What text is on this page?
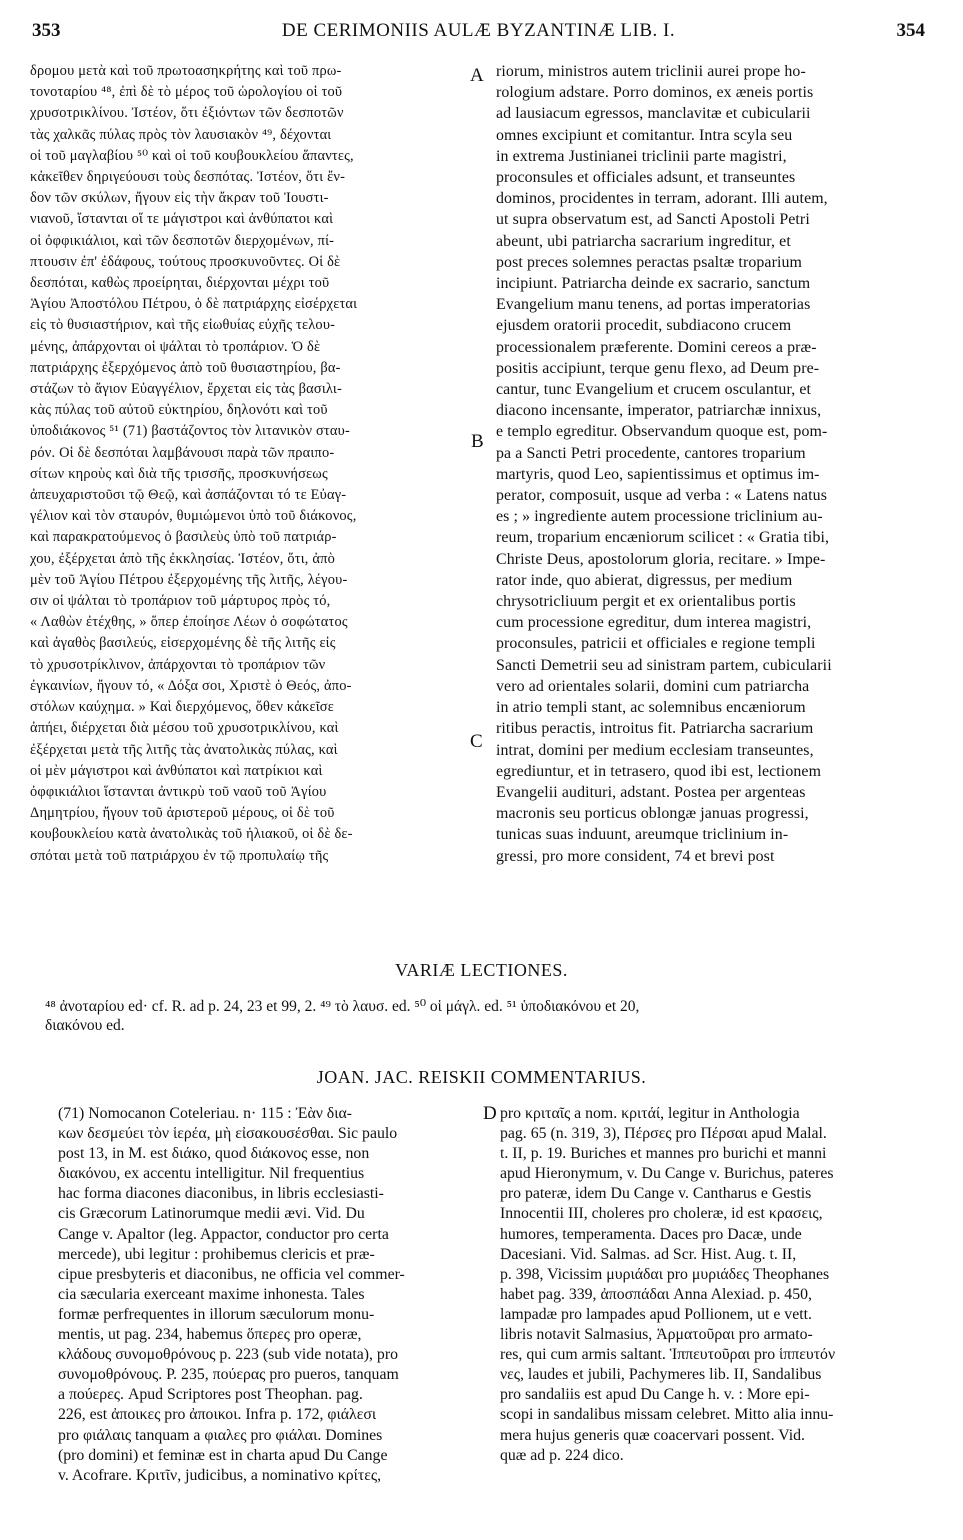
353	DE CERIMONIIS AULÆ BYZANTINÆ LIB. I.	354

δρομου μετὰ καὶ τοῦ πρωτοασηκρήτης καὶ τοῦ πρω-

τονοταρίου ⁴⁸, ἐπὶ δὲ τὸ μέρος τοῦ ὡρολογίου οἱ τοῦ

χρυσοτρικλίνου. Ἰστέον, ὅτι ἐξιόντων τῶν δεσποτῶν

τὰς χαλκᾶς πύλας πρὸς τὸν λαυσιακὸν ⁴⁹, δέχονται

οἱ τοῦ μαγλαβίου ⁵⁰ καὶ οἱ τοῦ κουβουκλείου ἅπαντες,

κἀκεῖθεν δηριγεύουσι τοὺς δεσπότας. Ἰστέον, ὅτι ἔν-

δον τῶν σκύλων, ἤγουν εἰς τὴν ἄκραν τοῦ Ἰουστι-

νιανοῦ, ἵστανται οἵ τε μάγιστροι καὶ ἀνθύπατοι καὶ

οἱ ὀφφικιάλιοι, καὶ τῶν δεσποτῶν διερχομένων, πί-

πτουσιν ἐπ' ἐδάφους, τούτους προσκυνοῦντες. Οἱ δὲ

δεσπόται, καθὼς προείρηται, διέρχονται μέχρι τοῦ

Ἁγίου Ἀποστόλου Πέτρου, ὁ δὲ πατριάρχης εἰσέρχεται

εἰς τὸ θυσιαστήριον, καὶ τῆς εἰωθυίας εὐχῆς τελου-

μένης, ἀπάρχονται οἱ ψάλται τὸ τροπάριον. Ὁ δὲ

πατριάρχης ἐξερχόμενος ἀπὸ τοῦ θυσιαστηρίου, βα-

στάζων τὸ ἅγιον Εὐαγγέλιον, ἔρχεται εἰς τὰς βασιλι-

κὰς πύλας τοῦ αὐτοῦ εὐκτηρίου, δηλονότι καὶ τοῦ

ὑποδιάκονος ⁵¹ (71) βαστάζοντος τὸν λιτανικὸν σταυ-

ρόν. Οἱ δὲ δεσπόται λαμβάνουσι παρὰ τῶν πραιπο-

σίτων κηροὺς καὶ διὰ τῆς τρισσῆς, προσκυνήσεως

ἀπευχαριστοῦσι τῷ Θεῷ, καὶ ἀσπάζονται τό τε Εὐαγ-

γέλιον καὶ τὸν σταυρόν, θυμιώμενοι ὑπὸ τοῦ διάκονος,

καὶ παρακρατούμενος ὁ βασιλεὺς ὑπὸ τοῦ πατριάρ-

χου, ἐξέρχεται ἀπὸ τῆς ἐκκλησίας. Ἰστέον, ὅτι, ἀπὸ

μὲν τοῦ Ἁγίου Πέτρου ἐξερχομένης τῆς λιτῆς, λέγου-

σιν οἱ ψάλται τὸ τροπάριον τοῦ μάρτυρος πρὸς τό,

« Λαθὼν ἐτέχθης, » ὅπερ ἐποίησε Λέων ὁ σοφώτατος

καὶ ἀγαθὸς βασιλεύς, εἰσερχομένης δὲ τῆς λιτῆς εἰς

τὸ χρυσοτρίκλινον, ἀπάρχονται τὸ τροπάριον τῶν

ἐγκαινίων, ἤγουν τό, « Δόξα σοι, Χριστὲ ὁ Θεός, ἀπο-

στόλων καύχημα. » Καὶ διερχόμενος, ὅθεν κἀκεῖσε

ἀπήει, διέρχεται διὰ μέσου τοῦ χρυσοτρικλίνου, καὶ

ἐξέρχεται μετὰ τῆς λιτῆς τὰς ἀνατολικὰς πύλας, καὶ

οἱ μὲν μάγιστροι καὶ ἀνθύπατοι καὶ πατρίκιοι καὶ

ὀφφικιάλιοι ἵστανται ἀντικρὺ τοῦ ναοῦ τοῦ Ἁγίου

Δημητρίου, ἤγουν τοῦ ἀριστεροῦ μέρους, οἱ δὲ τοῦ

κουβουκλείου κατὰ ἀνατολικὰς τοῦ ἡλιακοῦ, οἱ δὲ δε-

σπόται μετὰ τοῦ πατριάρχου ἐν τῷ προπυλαίῳ τῆς

A
B
C

riorum, ministros autem triclinii aurei prope ho-

rologium adstare. Porro dominos, ex æneis portis

ad lausiacum egressos, manclavitæ et cubicularii

omnes excipiunt et comitantur. Intra scyla seu

in extrema Justinianei triclinii parte magistri,

proconsules et officiales adsunt, et transeuntes

dominos, procidentes in terram, adorant. Illi autem,

ut supra observatum est, ad Sancti Apostoli Petri

abeunt, ubi patriarcha sacrarium ingreditur, et

post preces solemnes peractas psaltæ troparium

incipiunt. Patriarcha deinde ex sacrario, sanctum

Evangelium manu tenens, ad portas imperatorias

ejusdem oratorii procedit, subdiacono crucem

processionalem præferente. Domini cereos a præ-

positis accipiunt, terque genu flexo, ad Deum pre-

cantur, tunc Evangelium et crucem osculantur, et

diacono incensante, imperator, patriarchæ innixus,

e templo egreditur. Observandum quoque est, pom-

pa a Sancti Petri procedente, cantores troparium

martyris, quod Leo, sapientissimus et optimus im-

perator, composuit, usque ad verba : « Latens natus

es ; » ingrediente autem processione triclinium au-

reum, troparium encæniorum scilicet : « Gratia tibi,

Christe Deus, apostolorum gloria, recitare. » Impe-

rator inde, quo abierat, digressus, per medium

chrysotricliuum pergit et ex orientalibus portis

cum processione egreditur, dum interea magistri,

proconsules, patricii et officiales e regione templi

Sancti Demetrii seu ad sinistram partem, cubicularii

vero ad orientales solarii, domini cum patriarcha

in atrio templi stant, ac solemnibus encæniorum

ritibus peractis, introitus fit. Patriarcha sacrarium

intrat, domini per medium ecclesiam transeuntes,

egrediuntur, et in tetrasero, quod ibi est, lectionem

Evangelii audituri, adstant. Postea per argenteas

macronis seu porticus oblongæ januas progressi,

tunicas suas induunt, areumque triclinium in-

gressi, pro more consident, 74 et brevi post

VARIÆ LECTIONES.

⁴⁸ ἀνοταρίου ed· cf. R. ad p. 24, 23 et 99, 2. ⁴⁹ τὸ λαυσ. ed. ⁵⁰ οἱ μάγλ. ed. ⁵¹ ὑποδιακόνου et 20,

διακόνου ed.

JOAN. JAC. REISKII COMMENTARIUS.

(71) Nomocanon Coteleriau. n· 115 : Ἐὰν δια-

κων δεσμεύει τὸν ἱερέα, μὴ εἰσακουσέσθαι. Sic paulo

post 13, in M. est διάκο, quod διάκονος esse, non

διακόνου, ex accentu intelligitur. Nil frequentius

hac forma diacones diaconibus, in libris ecclesiasti-

cis Græcorum Latinorumque medii ævi. Vid. Du

Cange v. Apaltor (leg. Appactor, conductor pro certa

mercede), ubi legitur : prohibemus clericis et præ-

cipue presbyteris et diaconibus, ne officia vel commer-

cia sæcularia exerceant maxime inhonesta. Tales

formæ perfrequentes in illorum sæculorum monu-

mentis, ut pag. 234, habemus ὅπερες pro operæ,

κλάδους συνομοθρόνους p. 223 (sub vide notata), pro

συνομοθρόνους. P. 235, πούερας pro pueros, tanquam

a πούερες. Apud Scriptores post Theophan. pag.

226, est ἀποικες pro ἀποικοι. Infra p. 172, φιάλεσι

pro φιάλαις tanquam a φιαλες pro φιάλαι. Domines

(pro domini) et feminæ est in charta apud Du Cange

v. Acofrare. Κριτῖν, judicibus, a nominativo κρίτες,

D pro κριταῖς a nom. κριτάί, legitur in Anthologia

pag. 65 (n. 319, 3), Πέρσες pro Πέρσαι apud Malal.

t. II, p. 19. Buriches et mannes pro burichi et manni

apud Hieronymum, v. Du Cange v. Burichus, pateres

pro pateræ, idem Du Cange v. Cantharus e Gestis

Innocentii III, choleres pro choleræ, id est κρασεις,

humores, temperamenta. Daces pro Dacæ, unde

Dacesiani. Vid. Salmas. ad Scr. Hist. Aug. t. II,

p. 398, Vicissim μυριάδαι pro μυριάδες Theophanes

habet pag. 339, ἀποσπάδαι Anna Alexiad. p. 450,

lampadæ pro lampades apud Pollionem, ut e vett.

libris notavit Salmasius, Ἁρματοῦραι pro armato-

res, qui cum armis saltant. Ἱππευτοῦραι pro ἱππευτόν

νες, laudes et jubili, Pachymeres lib. II, Sandalibus

pro sandaliis est apud Du Cange h. v. : More epi-

scopi in sandalibus missam celebret. Mitto alia innu-

mera hujus generis quæ coacervari possent. Vid.

quæ ad p. 224 dico.
